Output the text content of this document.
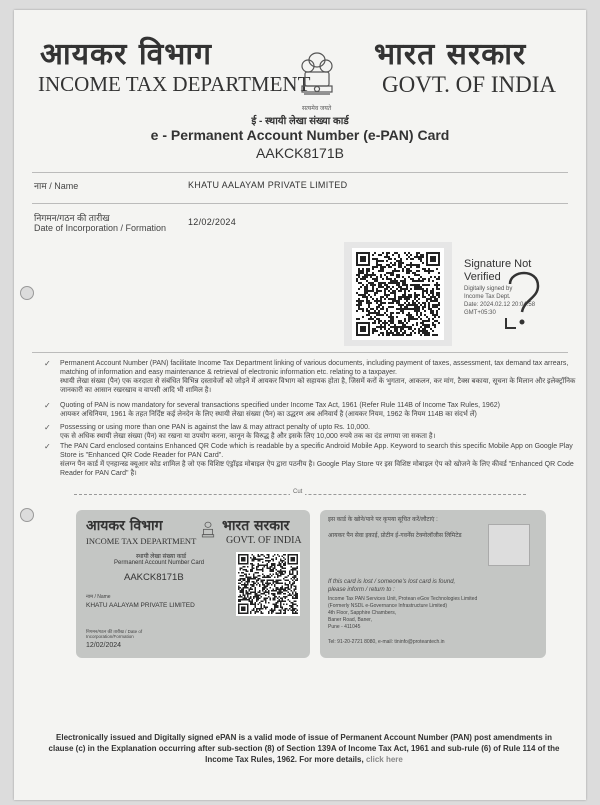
आयकर विभाग	भारत सरकार
INCOME TAX DEPARTMENT	GOVT. OF INDIA
सत्यमेव जयते
ई - स्थायी लेखा संख्या कार्ड
e - Permanent Account Number (e-PAN) Card
AAKCK8171B
नाम / Name	KHATU AALAYAM PRIVATE LIMITED
निगमन/गठन की तारीख
Date of Incorporation / Formation
12/02/2024
Signature Not
Verified
Digitally signed by
Income Tax Dept.
Date: 2024.02.12 20:04:58
GMT+05:30
✓ Permanent Account Number (PAN) facilitate Income Tax Department linking of various documents, including payment of taxes, assessment, tax demand tax arrears, matching of information and easy maintenance & retrieval of electronic information etc. relating to a taxpayer.
स्थायी लेखा संख्या (पैन) एक करदाता से संबंधित विभिन्न दस्तावेजों को जोड़ने में आयकर विभाग को सहायक होता है, जिसमें करों के भुगतान, आकलन, कर मांग, टैक्स बकाया, सूचना के मिलान और इलेक्ट्रॉनिक जानकारी का आसान रखरखाव व वापसी आदि भी शामिल है।
✓ Quoting of PAN is now mandatory for several transactions specified under Income Tax Act, 1961 (Refer Rule 114B of Income Tax Rules, 1962)
आयकर अधिनियम, 1961 के तहत निर्दिष्ट कई लेनदेन के लिए स्थायी लेखा संख्या (पैन) का उद्धरण अब अनिवार्य है (आयकर नियम, 1962 के नियम 114B का संदर्भ लें)
✓ Possessing or using more than one PAN is against the law & may attract penalty of upto Rs. 10,000.
एक से अधिक स्थायी लेखा संख्या (पैन) का रखना या उपयोग करना, कानून के विरुद्ध है और इसके लिए 10,000 रुपये तक का दंड लगाया जा सकता है।
✓ The PAN Card enclosed contains Enhanced QR Code which is readable by a specific Android Mobile App. Keyword to search this specific Mobile App on Google Play Store is "Enhanced QR Code Reader for PAN Card".
संलग्न पैन कार्ड में एनहान्स्ड क्यूआर कोड शामिल है जो एक विशिष्ट एंड्रॉइड मोबाइल ऐप द्वारा पठनीय है। Google Play Store पर इस विशिष्ट मोबाइल ऐप को खोजने के लिए कीवर्ड "Enhanced QR Code Reader for PAN Card" है।
Cut
आयकर विभाग	भारत सरकार
INCOME TAX DEPARTMENT	GOVT. OF INDIA
स्थायी लेखा संख्या कार्ड
Permanent Account Number Card
AAKCK8171B
नाम / Name
KHATU AALAYAM PRIVATE LIMITED
निगमन/गठन की तारीख / Date of Incorporation/Formation
12/02/2024
इस कार्ड के खोने/पाने पर कृपया सूचित करें/लौटाएं :
आयकर पैन सेवा इकाई, प्रोटीन ई-गवर्नेंस टेक्नोलॉजीस लिमिटेड
If this card is lost / someone's lost card is found,
please inform / return to :
Income Tax PAN Services Unit, Protean eGov Technologies Limited
(Formerly NSDL e-Governance Infrastructure Limited)
4th Floor, Sapphire Chambers,
Baner Road, Baner,
Pune - 411045
Tel: 91-20-2721 8080, e-mail: tininfo@proteantech.in
Electronically issued and Digitally signed ePAN is a valid mode of issue of Permanent Account Number (PAN) post amendments in clause (c) in the Explanation occurring after sub-section (8) of Section 139A of Income Tax Act, 1961 and sub-rule (6) of Rule 114 of the Income Tax Rules, 1962. For more details, click here
